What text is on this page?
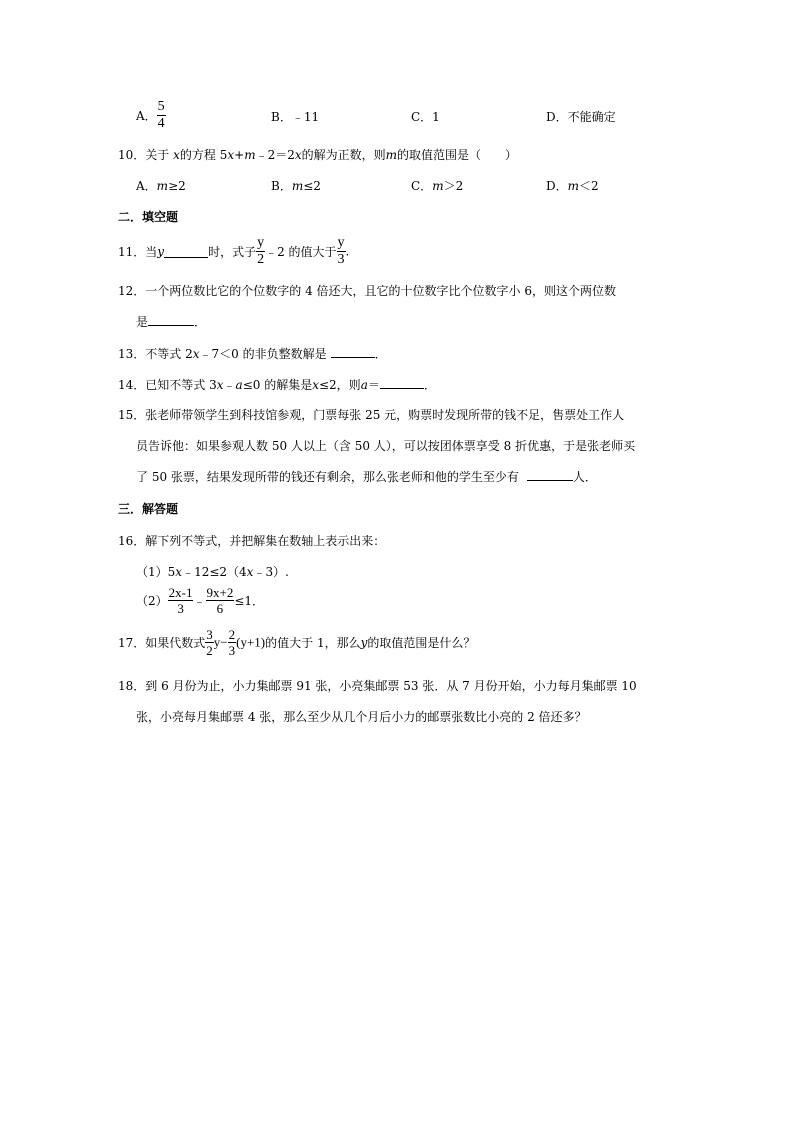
A． $\frac{5}{4}$	B．﹣11	C．1	D．不能确定
10．关于 x的方程 5x+m﹣2＝2x的解为正数，则m的取值范围是（　　）
A．m≥2	B．m≤2	C．m＞2	D．m＜2
二．填空题
11．当y	时，式子 $\frac{y}{2}$ ﹣2 的值大于 $\frac{y}{3}$ .
12．一个两位数比它的个位数字的 4 倍还大，且它的十位数字比个位数字小 6，则这个两位数
是	．
13．不等式 2x﹣7＜0 的非负整数解是	．
14．已知不等式 3x﹣a≤0 的解集是x≤2，则a＝	．
15．张老师带领学生到科技馆参观，门票每张 25 元，购票时发现所带的钱不足，售票处工作人
员告诉他：如果参观人数 50 人以上（含 50 人），可以按团体票享受 8 折优惠，于是张老师买
了 50 张票，结果发现所带的钱还有剩余，那么张老师和他的学生至少有	人．
三．解答题
16．解下列不等式，并把解集在数轴上表示出来：
（1）5x﹣12≤2（4x﹣3）.
$(2) \frac{2x-1}{3}$ ﹣ $\frac{9x+2}{6} \le 1$．
17．如果代数式 $\frac{3}{2} y- \frac{2}{3} (y+1)$的值大于 1，那么y的取值范围是什么？
18．到 6 月份为止，小力集邮票 91 张，小亮集邮票 53 张．从 7 月份开始，小力每月集邮票 10
张，小亮每月集邮票 4 张，那么至少从几个月后小力的邮票张数比小亮的 2 倍还多？
